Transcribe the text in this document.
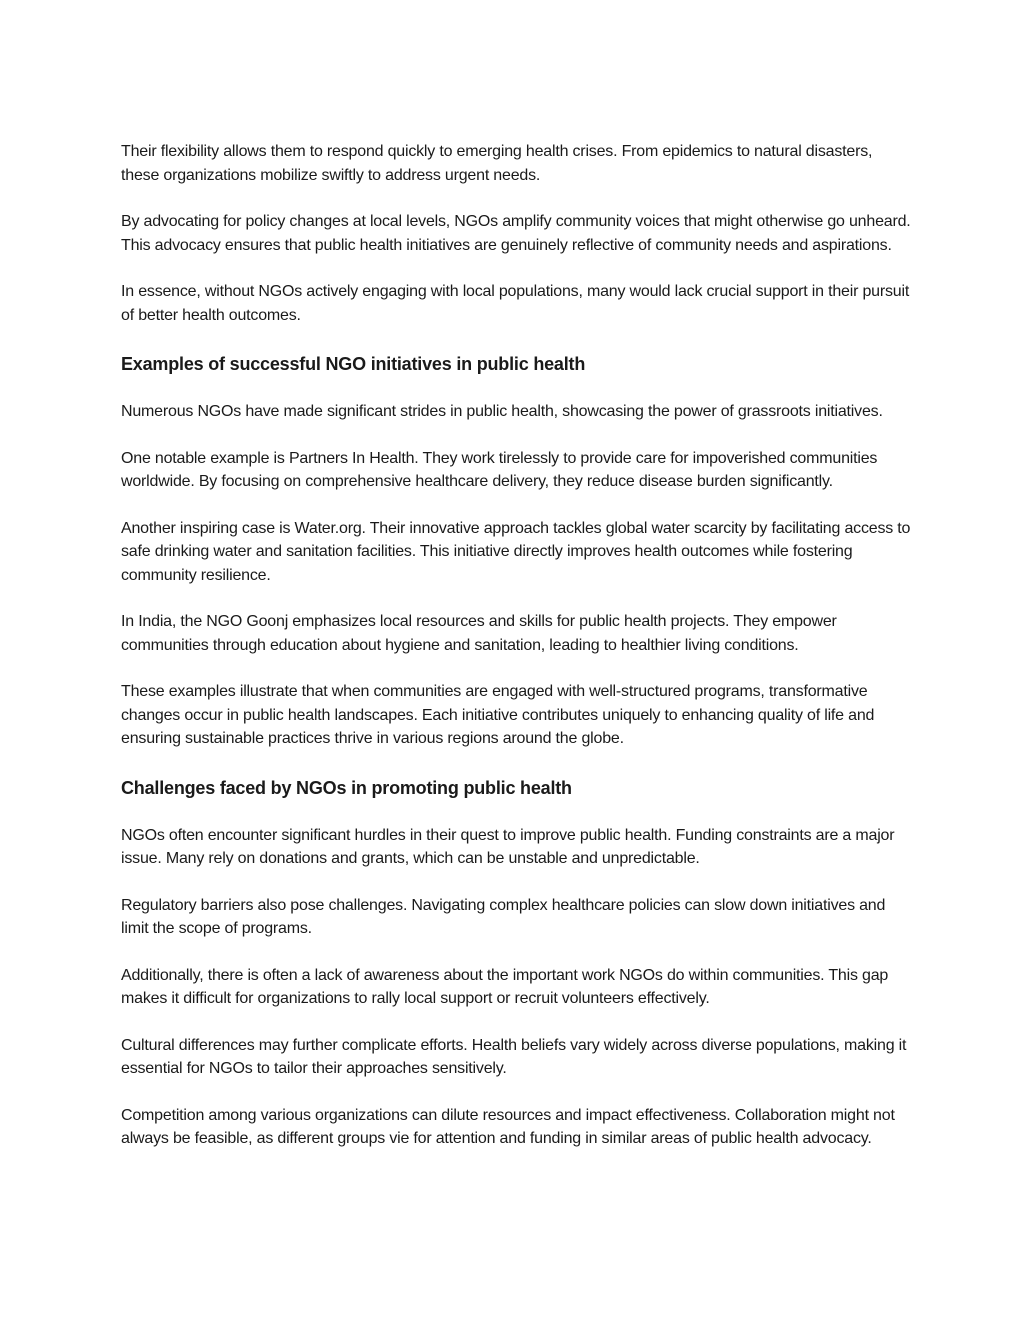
Their flexibility allows them to respond quickly to emerging health crises. From epidemics to natural disasters, these organizations mobilize swiftly to address urgent needs.

By advocating for policy changes at local levels, NGOs amplify community voices that might otherwise go unheard. This advocacy ensures that public health initiatives are genuinely reflective of community needs and aspirations.

In essence, without NGOs actively engaging with local populations, many would lack crucial support in their pursuit of better health outcomes.

Examples of successful NGO initiatives in public health

Numerous NGOs have made significant strides in public health, showcasing the power of grassroots initiatives.

One notable example is Partners In Health. They work tirelessly to provide care for impoverished communities worldwide. By focusing on comprehensive healthcare delivery, they reduce disease burden significantly.

Another inspiring case is Water.org. Their innovative approach tackles global water scarcity by facilitating access to safe drinking water and sanitation facilities. This initiative directly improves health outcomes while fostering community resilience.

In India, the NGO Goonj emphasizes local resources and skills for public health projects. They empower communities through education about hygiene and sanitation, leading to healthier living conditions.

These examples illustrate that when communities are engaged with well-structured programs, transformative changes occur in public health landscapes. Each initiative contributes uniquely to enhancing quality of life and ensuring sustainable practices thrive in various regions around the globe.

Challenges faced by NGOs in promoting public health

NGOs often encounter significant hurdles in their quest to improve public health. Funding constraints are a major issue. Many rely on donations and grants, which can be unstable and unpredictable.

Regulatory barriers also pose challenges. Navigating complex healthcare policies can slow down initiatives and limit the scope of programs.

Additionally, there is often a lack of awareness about the important work NGOs do within communities. This gap makes it difficult for organizations to rally local support or recruit volunteers effectively.

Cultural differences may further complicate efforts. Health beliefs vary widely across diverse populations, making it essential for NGOs to tailor their approaches sensitively.

Competition among various organizations can dilute resources and impact effectiveness. Collaboration might not always be feasible, as different groups vie for attention and funding in similar areas of public health advocacy.
